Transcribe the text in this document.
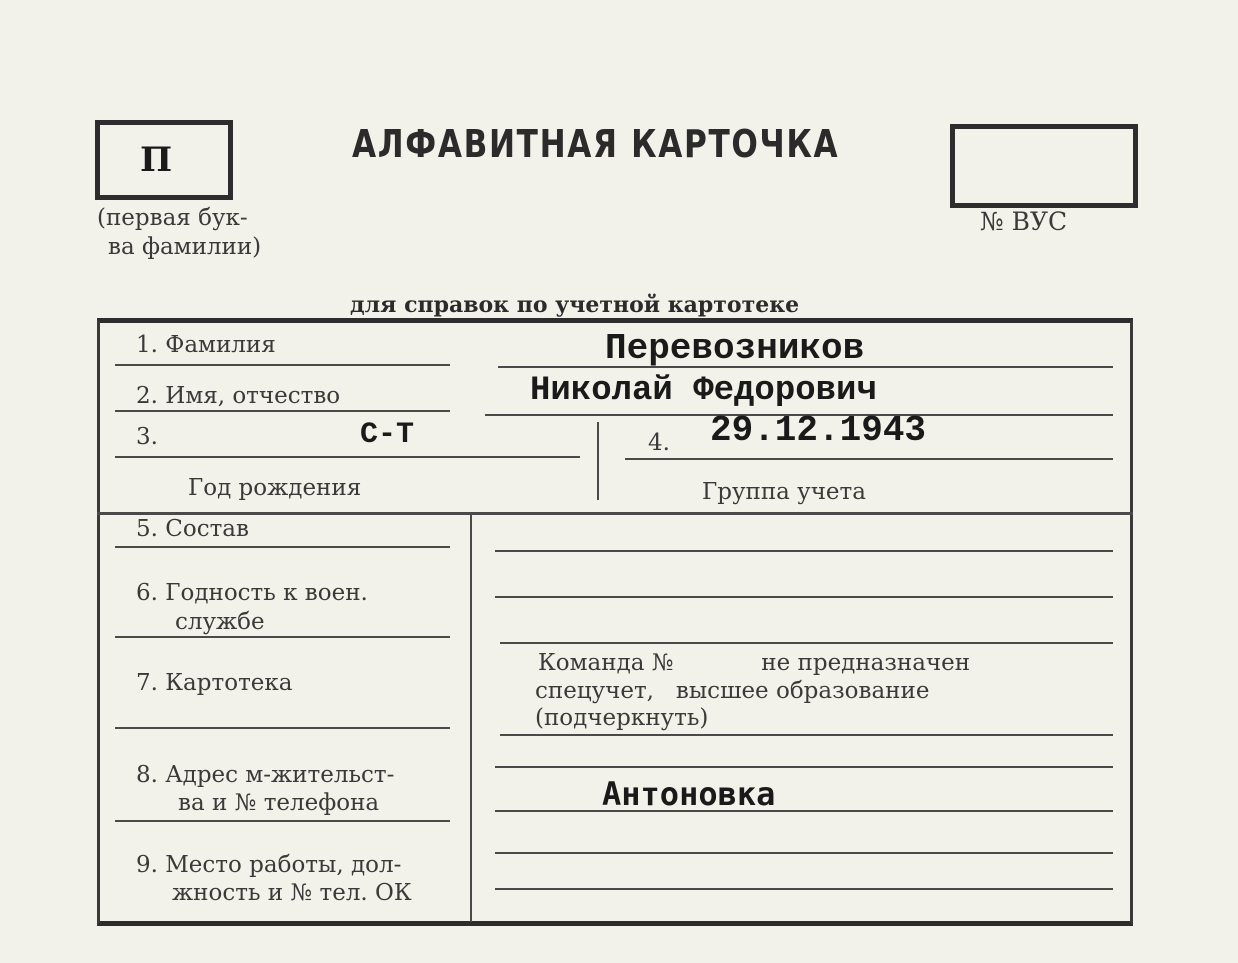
П
(первая бук-
ва фамилии)
АЛФАВИТНАЯ КАРТОЧКА
№ ВУС
для справок по учетной картотеке
1. Фамилия	Перевозников
2. Имя, отчество	Николай Федорович
3.	С-Т	4. 29.12.1943
Год рождения	Группа учета
5. Состав
6. Годность к воен.
службе
7. Картотека
Команда №            не предназначен
спецучет,   высшее образование
(подчеркнуть)
8. Адрес м-жительст-
ва и № телефона	Антоновка
9. Место работы, дол-
жность и № тел. ОК
